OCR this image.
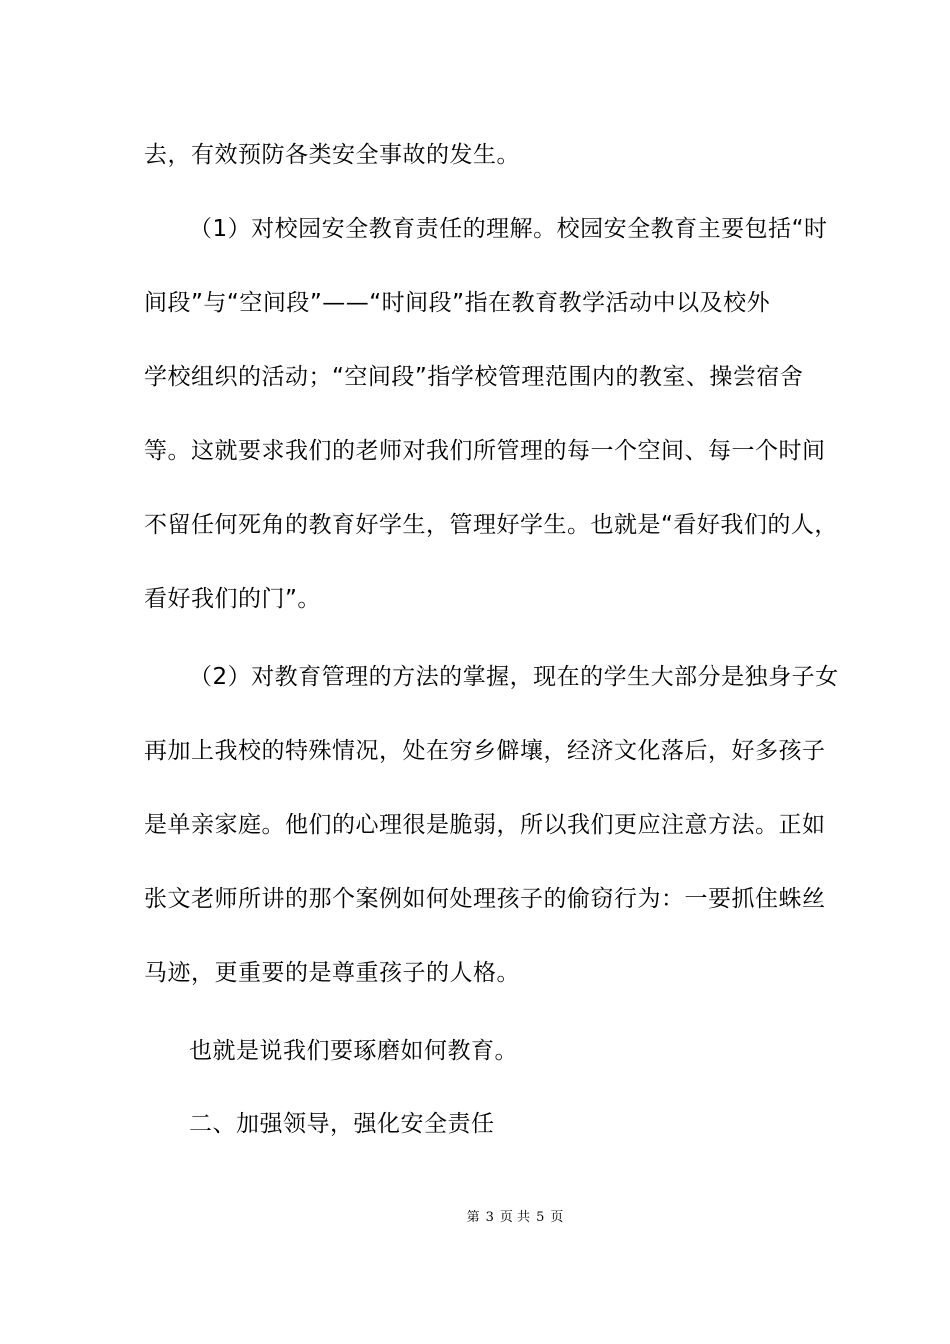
去，有效预防各类安全事故的发生。
（1）对校园安全教育责任的理解。校园安全教育主要包括“时
间段”与“空间段”——“时间段”指在教育教学活动中以及校外
学校组织的活动；“空间段”指学校管理范围内的教室、操尝宿舍
等。这就要求我们的老师对我们所管理的每一个空间、每一个时间
不留任何死角的教育好学生，管理好学生。也就是“看好我们的人，
看好我们的门”。
（2）对教育管理的方法的掌握，现在的学生大部分是独身子女
再加上我校的特殊情况，处在穷乡僻壤，经济文化落后，好多孩子
是单亲家庭。他们的心理很是脆弱，所以我们更应注意方法。正如
张文老师所讲的那个案例如何处理孩子的偷窃行为：一要抓住蛛丝
马迹，更重要的是尊重孩子的人格。
也就是说我们要琢磨如何教育。
二、加强领导，强化安全责任
第 3 页 共 5 页
